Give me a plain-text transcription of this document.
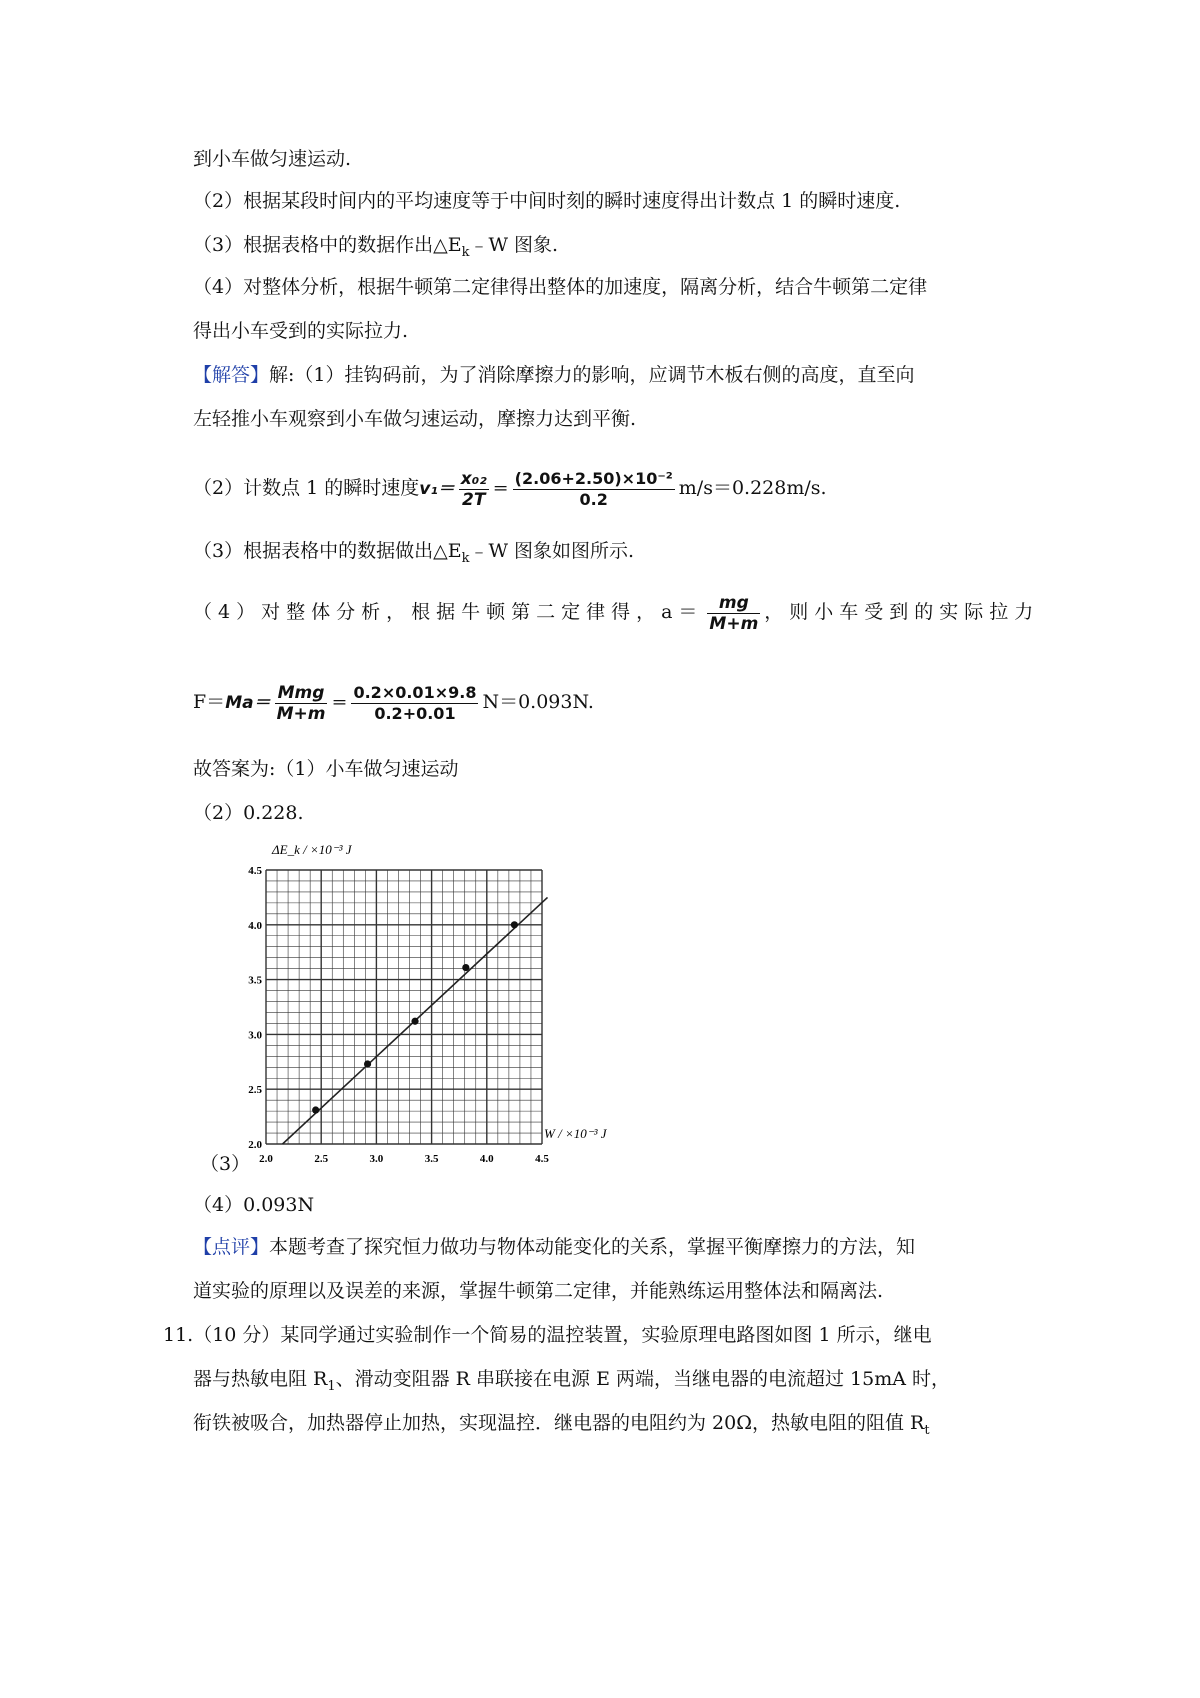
到小车做匀速运动.
（2）根据某段时间内的平均速度等于中间时刻的瞬时速度得出计数点 1 的瞬时速度.
（3）根据表格中的数据作出$\triangle E_k﹣W$ 图象.
（4）对整体分析，根据牛顿第二定律得出整体的加速度，隔离分析，结合牛顿第二定律
得出小车受到的实际拉力.
【解答】解:（1）挂钩码前，为了消除摩擦力的影响，应调节木板右侧的高度，直至向
左轻推小车观察到小车做匀速运动，摩擦力达到平衡.
（2）计数点 1 的瞬时速度$v_1= \frac{\text{x₀₂}}{2T} = \frac{\text{(2.06+2.50)×10⁻²}}{0.2} m/s=0.228m/s$.
（3）根据表格中的数据做出$\triangle E_k﹣W$ 图象如图所示.
（4）对整体分析，根据牛顿第二定律得，$a= \frac{mg}{M+m}$ ，则小车受到的实际拉力
$F=Ma= \frac{\text{Mmg}}{M+m} = \frac{0.2\times 0.01\times 9.8}{0.2+0.01} N=0.093N$.
故答案为:（1）小车做匀速运动
（2）0.228.
2.0	2.5	3.0	3.5	4.0	4.5
2.0
2.5
3.0
3.5
4.0
4.5
ΔE_k / ×10⁻³ J
W / ×10⁻³ J
（3）
（4）0.093N
【点评】本题考查了探究恒力做功与物体动能变化的关系，掌握平衡摩擦力的方法，知
道实验的原理以及误差的来源，掌握牛顿第二定律，并能熟练运用整体法和隔离法.
11.（10 分）某同学通过实验制作一个简易的温控装置，实验原理电路图如图 1 所示，继电
器与热敏电阻 $R_1$、滑动变阻器 R 串联接在电源 E 两端，当继电器的电流超过 15mA 时，
衔铁被吸合，加热器停止加热，实现温控．继电器的电阻约为 20Ω，热敏电阻的阻值 $R_t$
